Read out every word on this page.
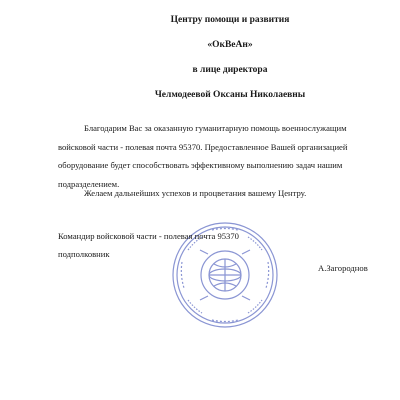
Центру помощи и развития
«ОкВеАн»
в лице директора
Челмодеевой Оксаны Николаевны

Благодарим Вас за оказанную гуманитарную помощь военнослужащим войсковой части - полевая почта 95370. Предоставленное Вашей организацией оборудование будет способствовать эффективному выполнению задач нашим подразделением.

Желаем дальнейших успехов и процветания вашему Центру.

Командир войсковой части - полевая почта 95370
подполковник
А.Загороднов
